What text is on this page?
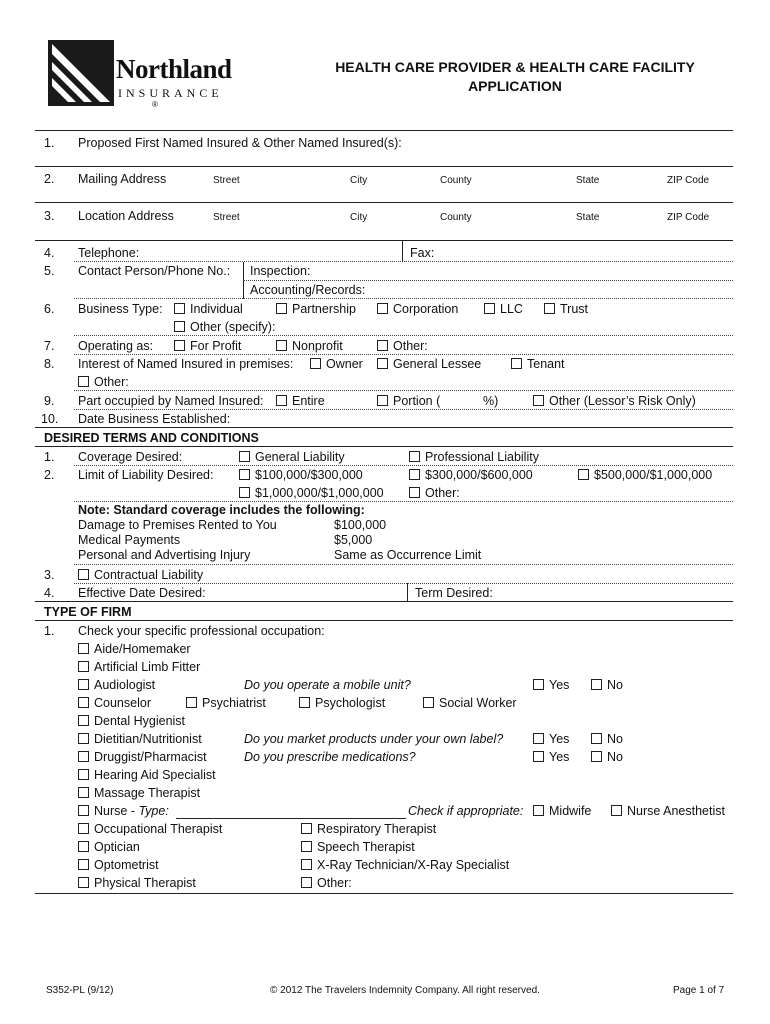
Northland
INSURANCE
®
HEALTH CARE PROVIDER & HEALTH CARE FACILITY
APPLICATION
1. Proposed First Named Insured & Other Named Insured(s):
2. Mailing Address	Street	City	County	State	ZIP Code
3. Location Address	Street	City	County	State	ZIP Code
4. Telephone:	Fax:
5. Contact Person/Phone No.: Inspection:
Accounting/Records:
6. Business Type:	Individual	Partnership	Corporation	LLC	Trust
Other (specify):
7. Operating as:	For Profit	Nonprofit	Other:
8. Interest of Named Insured in premises:	Owner	General Lessee	Tenant
Other:
9. Part occupied by Named Insured:	Entire	Portion (	%)	Other (Lessor’s Risk Only)
10. Date Business Established:
DESIRED TERMS AND CONDITIONS
1. Coverage Desired:	General Liability	Professional Liability
2. Limit of Liability Desired:	$100,000/$300,000	$300,000/$600,000	$500,000/$1,000,000
$1,000,000/$1,000,000	Other:
Note: Standard coverage includes the following:
Damage to Premises Rented to You	$100,000
Medical Payments	$5,000
Personal and Advertising Injury	Same as Occurrence Limit
3.	Contractual Liability
4. Effective Date Desired:	Term Desired:
TYPE OF FIRM
1. Check your specific professional occupation:
Aide/Homemaker
Artificial Limb Fitter
Audiologist	Do you operate a mobile unit?	Yes	No
Counselor	Psychiatrist	Psychologist	Social Worker
Dental Hygienist
Dietitian/Nutritionist	Do you market products under your own label?	Yes	No
Druggist/Pharmacist	Do you prescribe medications?	Yes	No
Hearing Aid Specialist
Massage Therapist
Nurse - Type:	Check if appropriate:	Midwife	Nurse Anesthetist
Occupational Therapist	Respiratory Therapist
Optician	Speech Therapist
Optometrist	X-Ray Technician/X-Ray Specialist
Physical Therapist	Other:
S352-PL (9/12)	© 2012 The Travelers Indemnity Company. All right reserved.	Page 1 of 7
